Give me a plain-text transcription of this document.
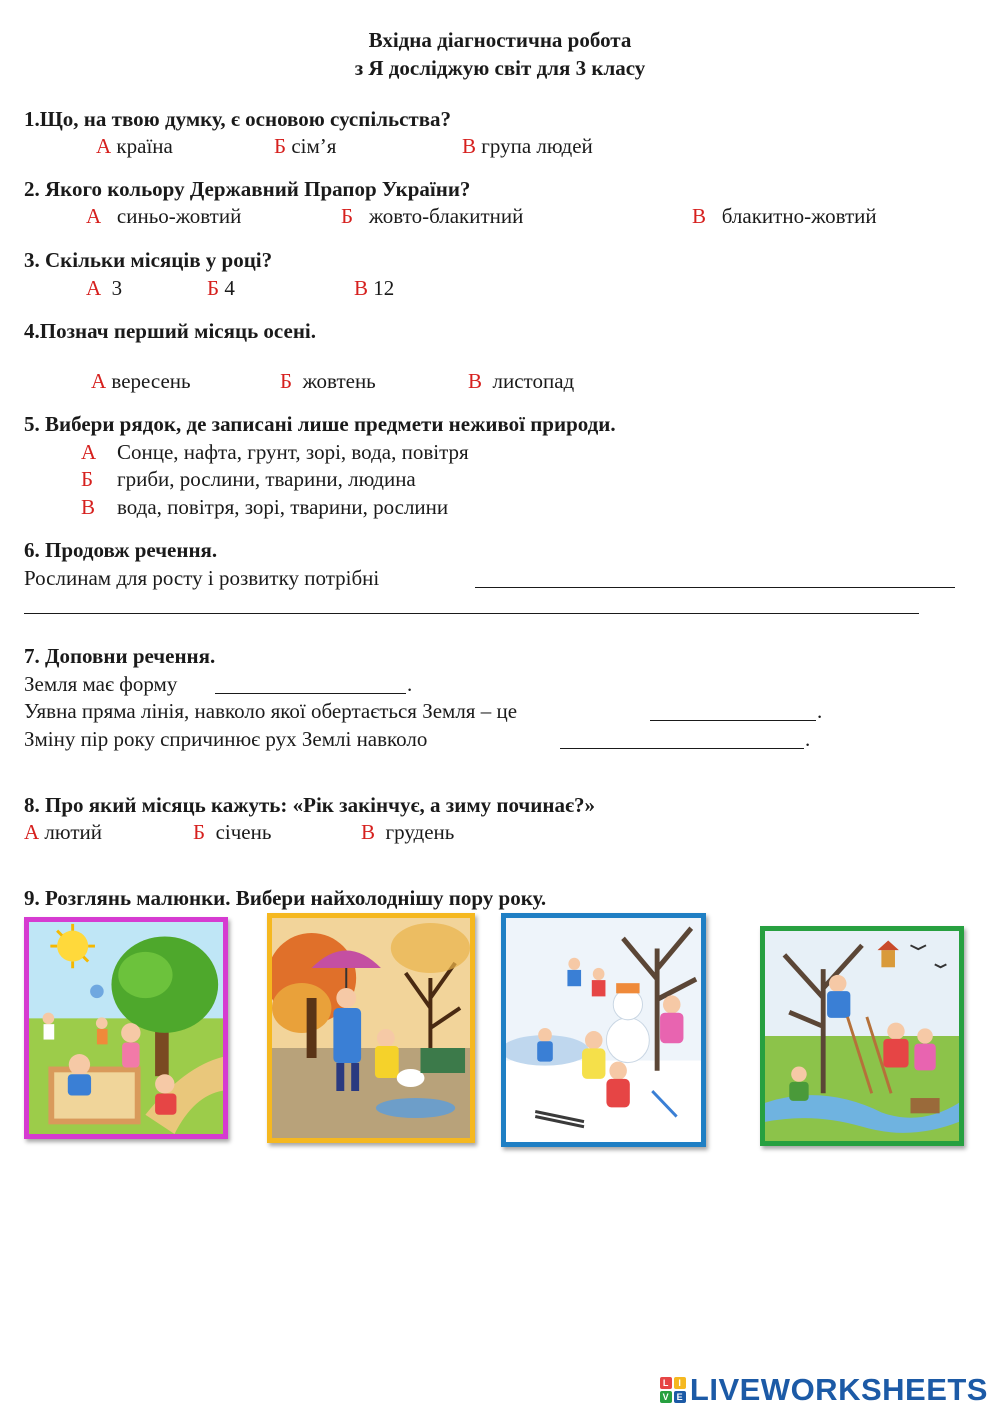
Вхідна діагностична робота
з Я досліджую світ для 3 класу
1.Що, на твою думку, є основою суспільства?
А країна	Б сім’я	В група людей
2. Якого кольору Державний Прапор України?
А синьо-жовтий	Б жовто-блакитний	В блакитно-жовтий
3. Скільки місяців у році?
А 3	Б 4	В 12
4.Познач перший місяць осені.
А вересень	Б жовтень	В листопад
5. Вибери рядок, де записані лише предмети неживої природи.
А Сонце, нафта, грунт, зорі, вода, повітря
Б гриби, рослини, тварини, людина
В вода, повітря, зорі, тварини, рослини
6. Продовж речення.
Рослинам для росту і розвитку потрібні
7. Доповни речення.
Земля має форму	.
Уявна пряма лінія, навколо якої обертається Земля – це	.
Зміну пір року спричинює рух Землі навколо	.
8. Про який місяць кажуть: «Рік закінчує, а зиму починає?»
А лютий	Б січень	В грудень
9. Розглянь малюнки. Вибери найхолоднішу пору року.
L	I
V E LIVEWORKSHEETS
